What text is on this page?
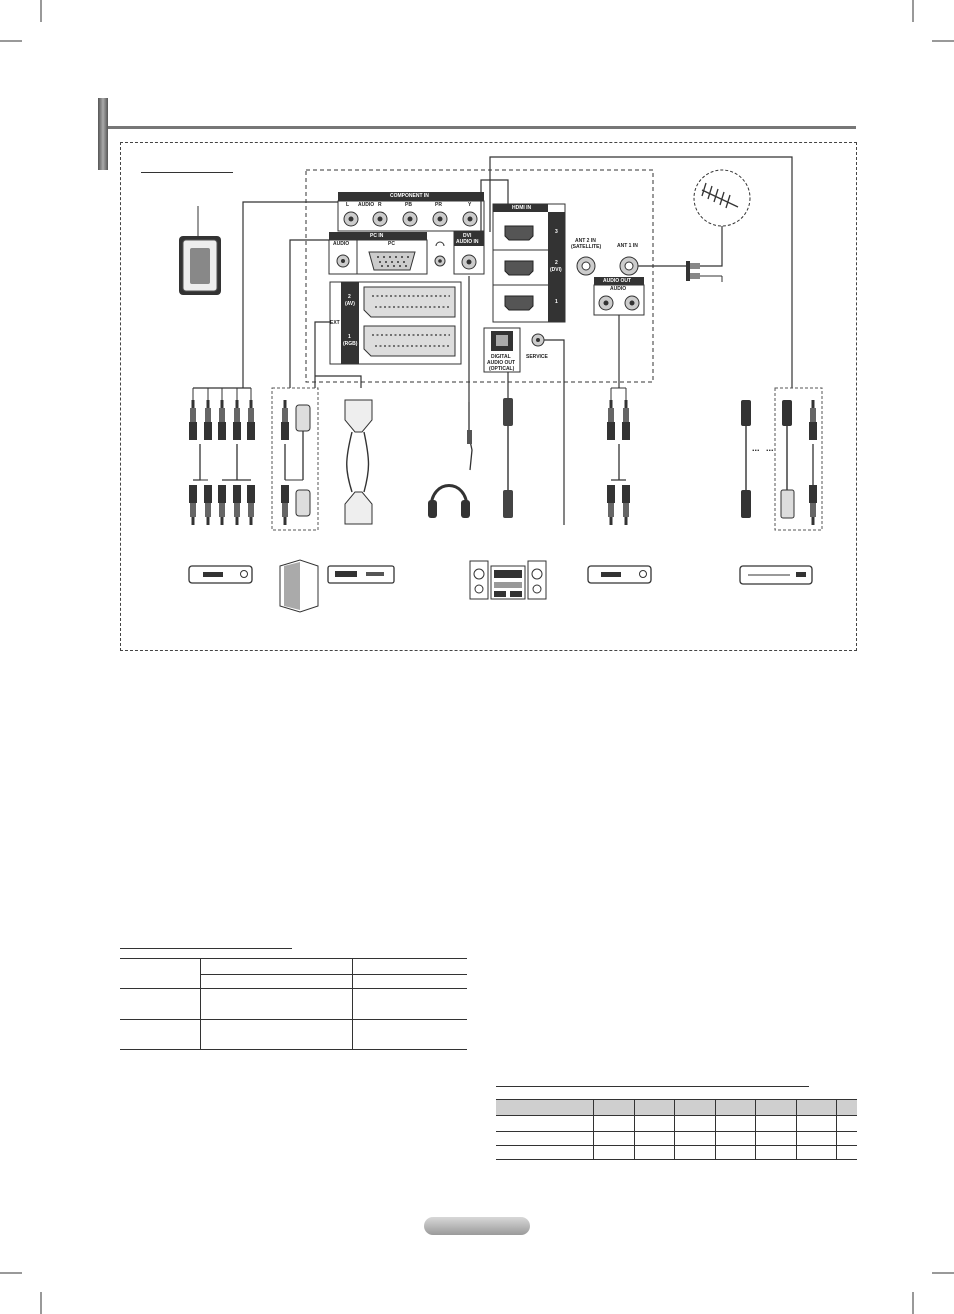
COMPONENT IN
AUDIO
L	R	PB	PR	Y
PC IN
AUDIO	PC
DVI
AUDIO IN
HDMI IN
3
2
(DVI)
1
ANT 2 IN
(SATELLITE)	ANT 1 IN
AUDIO OUT
AUDIO
EXT
2
(AV)
1
(RGB)
DIGITAL
AUDIO OUT
(OPTICAL)
SERVICE
... ...
